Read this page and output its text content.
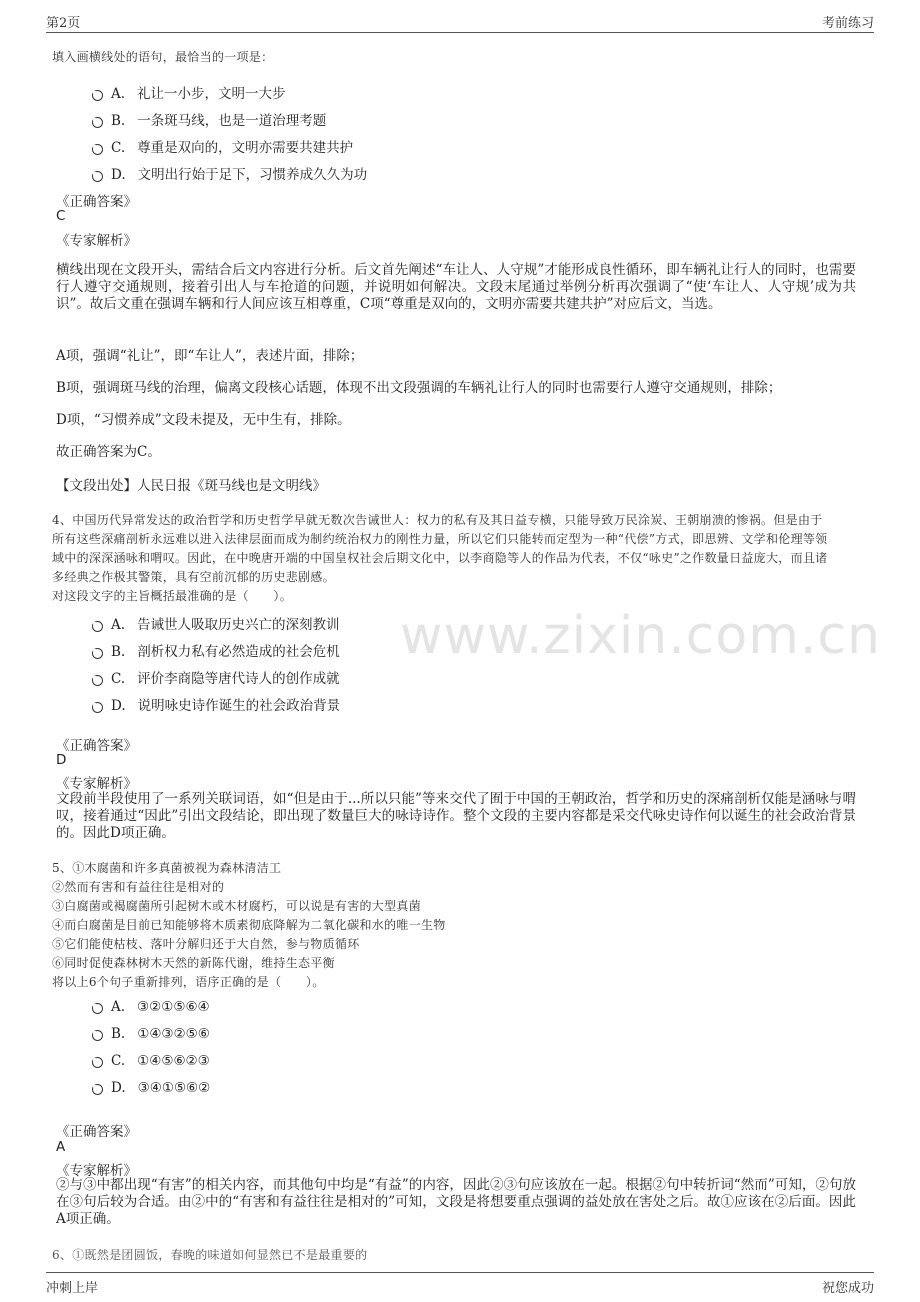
第2页	考前练习
www.zixin.com.cn
填入画横线处的语句，最恰当的一项是：
A. 礼让一小步，文明一大步
B. 一条斑马线，也是一道治理考题
C. 尊重是双向的，文明亦需要共建共护
D. 文明出行始于足下，习惯养成久久为功
《正确答案》
C
《专家解析》
横线出现在文段开头，需结合后文内容进行分析。后文首先阐述“车让人、人守规”才能形成良性循环，即车辆礼让行人的同时，也需要行人遵守交通规则，接着引出人与车抢道的问题，并说明如何解决。文段末尾通过举例分析再次强调了“使‘车让人、人守规’成为共识”。故后文重在强调车辆和行人间应该互相尊重，C项“尊重是双向的，文明亦需要共建共护”对应后文，当选。
A项，强调“礼让”，即“车让人”，表述片面，排除；
B项，强调斑马线的治理，偏离文段核心话题，体现不出文段强调的车辆礼让行人的同时也需要行人遵守交通规则，排除；
D项，“习惯养成”文段未提及，无中生有，排除。
故正确答案为C。
【文段出处】人民日报《斑马线也是文明线》
4、中国历代异常发达的政治哲学和历史哲学早就无数次告诫世人：权力的私有及其日益专横，只能导致万民涂炭、王朝崩溃的惨祸。但是由于
所有这些深痛剖析永远难以进入法律层面而成为制约统治权力的刚性力量，所以它们只能转而定型为一种“代偿”方式，即思辨、文学和伦理等领
域中的深深涵咏和喟叹。因此，在中晚唐开端的中国皇权社会后期文化中，以李商隐等人的作品为代表，不仅“咏史”之作数量日益庞大，而且诸
多经典之作极其警策，具有空前沉郁的历史悲剧感。
对这段文字的主旨概括最准确的是（　　）。
A. 告诫世人吸取历史兴亡的深刻教训
B. 剖析权力私有必然造成的社会危机
C. 评价李商隐等唐代诗人的创作成就
D. 说明咏史诗作诞生的社会政治背景
《正确答案》
D
《专家解析》
文段前半段使用了一系列关联词语，如“但是由于...所以只能”等来交代了囿于中国的王朝政治，哲学和历史的深痛剖析仅能是涵咏与喟叹，接着通过“因此”引出文段结论，即出现了数量巨大的咏诗诗作。整个文段的主要内容都是采交代咏史诗作何以诞生的社会政治背景的。因此D项正确。
5、①木腐菌和许多真菌被视为森林清洁工
②然而有害和有益往往是相对的
③白腐菌或褐腐菌所引起树木或木材腐朽，可以说是有害的大型真菌
④而白腐菌是目前已知能够将木质素彻底降解为二氧化碳和水的唯一生物
⑤它们能使枯枝、落叶分解归还于大自然，参与物质循环
⑥同时促使森林树木天然的新陈代谢，维持生态平衡
将以上6个句子重新排列，语序正确的是（　　）。
A. ③②①⑤⑥④
B. ①④③②⑤⑥
C. ①④⑤⑥②③
D. ③④①⑤⑥②
《正确答案》
A
《专家解析》
②与③中都出现“有害”的相关内容，而其他句中均是“有益”的内容，因此②③句应该放在一起。根据②句中转折词“然而”可知，②句放在③句后较为合适。由②中的“有害和有益往往是相对的”可知，文段是将想要重点强调的益处放在害处之后。故①应该在②后面。因此A项正确。
6、①既然是团圆饭，春晚的味道如何显然已不是最重要的
冲刺上岸	祝您成功
